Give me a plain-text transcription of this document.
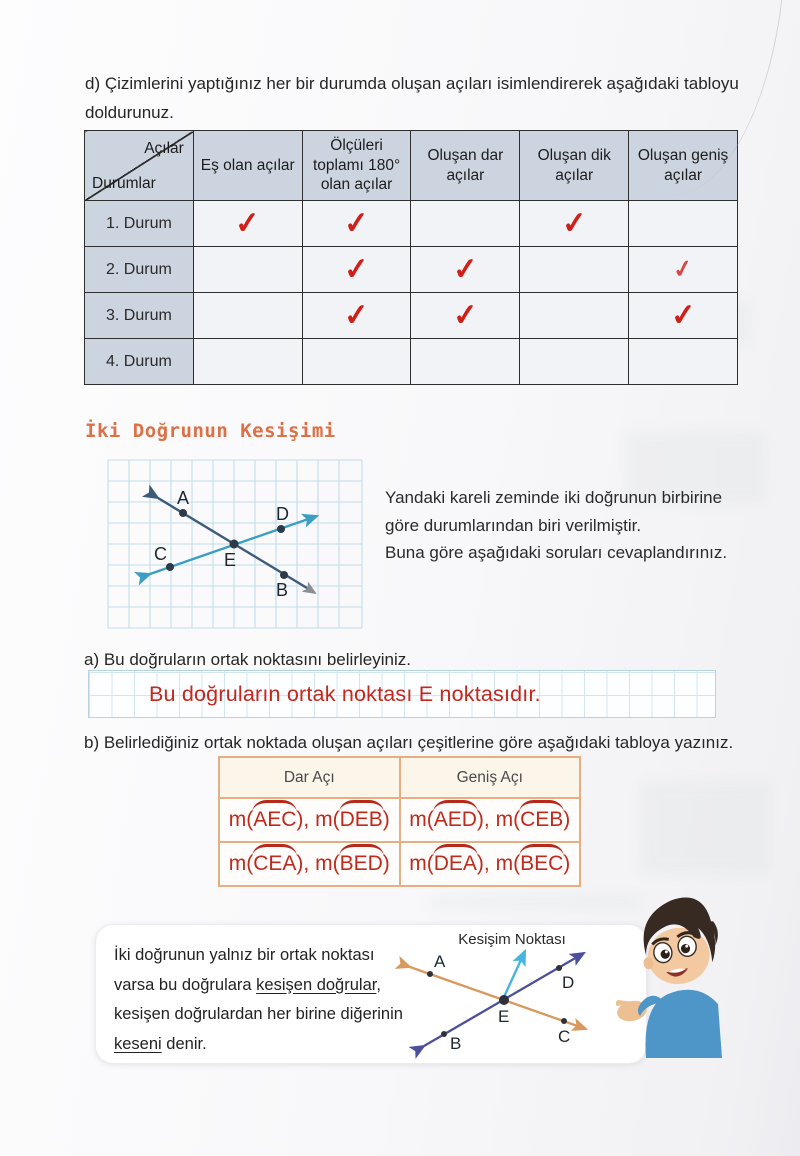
d) Çizimlerini yaptığınız her bir durumda oluşan açıları isimlendirerek aşağıdaki tabloyu doldurunuz.

Açılar
Durumlar	Eş olan açılar	Ölçüleri toplamı 180° olan açılar	Oluşan dar açılar	Oluşan dik açılar	Oluşan geniş açılar
1. Durum	✓	✓		✓	
2. Durum		✓	✓		✓
3. Durum		✓	✓		✓
4. Durum					
İki Doğrunun Kesişimi
A
D
C	E
B

Yandaki kareli zeminde iki doğrunun birbirine göre durumlarından biri verilmiştir.

Buna göre aşağıdaki soruları cevaplandırınız.

a) Bu doğruların ortak noktasını belirleyiniz.

Bu doğruların ortak noktası E noktasıdır.

b) Belirlediğiniz ortak noktada oluşan açıları çeşitlerine göre aşağıdaki tabloya yazınız.

Dar Açı	Geniş Açı
m(AEC), m(DEB)	m(AED), m(CEB)
m(CEA), m(BED)	m(DEA), m(BEC)

İki doğrunun yalnız bir ortak noktası varsa bu doğrulara kesişen doğrular, kesişen doğrulardan her birine diğerinin keseni denir.

Kesişim Noktası
A
B
E
D
C
